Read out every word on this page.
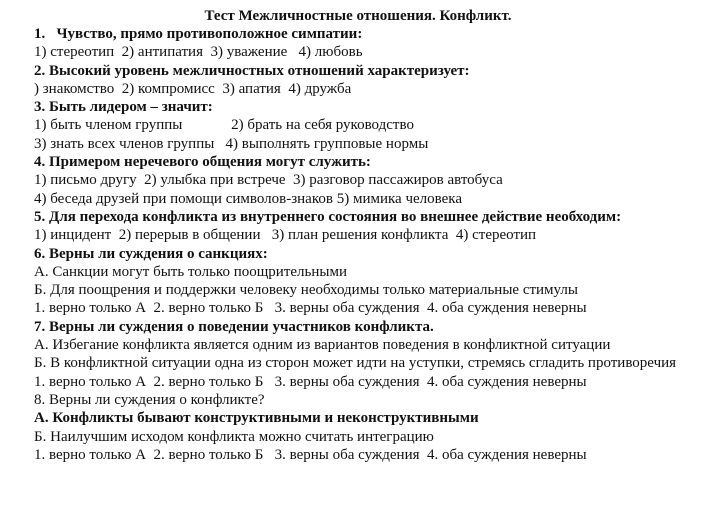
Тест Межличностные отношения. Конфликт.
1.   Чувство, прямо противоположное симпатии:
1) стереотип  2) антипатия  3) уважение   4) любовь
2. Высокий уровень межличностных отношений характеризует:
) знакомство  2) компромисс  3) апатия  4) дружба
3. Быть лидером – значит:
1) быть членом группы             2) брать на себя руководство
3) знать всех членов группы   4) выполнять групповые нормы
4. Примером неречевого общения могут служить:
1) письмо другу  2) улыбка при встрече  3) разговор пассажиров автобуса
4) беседа друзей при помощи символов-знаков 5) мимика человека
5. Для перехода конфликта из внутреннего состояния во внешнее действие необходим:
1) инцидент  2) перерыв в общении   3) план решения конфликта  4) стереотип
6. Верны ли суждения о санкциях:
А. Санкции могут быть только поощрительными
Б. Для поощрения и поддержки человеку необходимы только материальные стимулы
1. верно только А  2. верно только Б   3. верны оба суждения  4. оба суждения неверны
7. Верны ли суждения о поведении участников конфликта.
А. Избегание конфликта является одним из вариантов поведения в конфликтной ситуации
Б. В конфликтной ситуации одна из сторон может идти на уступки, стремясь сгладить противоречия
1. верно только А  2. верно только Б   3. верны оба суждения  4. оба суждения неверны
8. Верны ли суждения о конфликте?
А. Конфликты бывают конструктивными и неконструктивными
Б. Наилучшим исходом конфликта можно считать интеграцию
1. верно только А  2. верно только Б   3. верны оба суждения  4. оба суждения неверны
